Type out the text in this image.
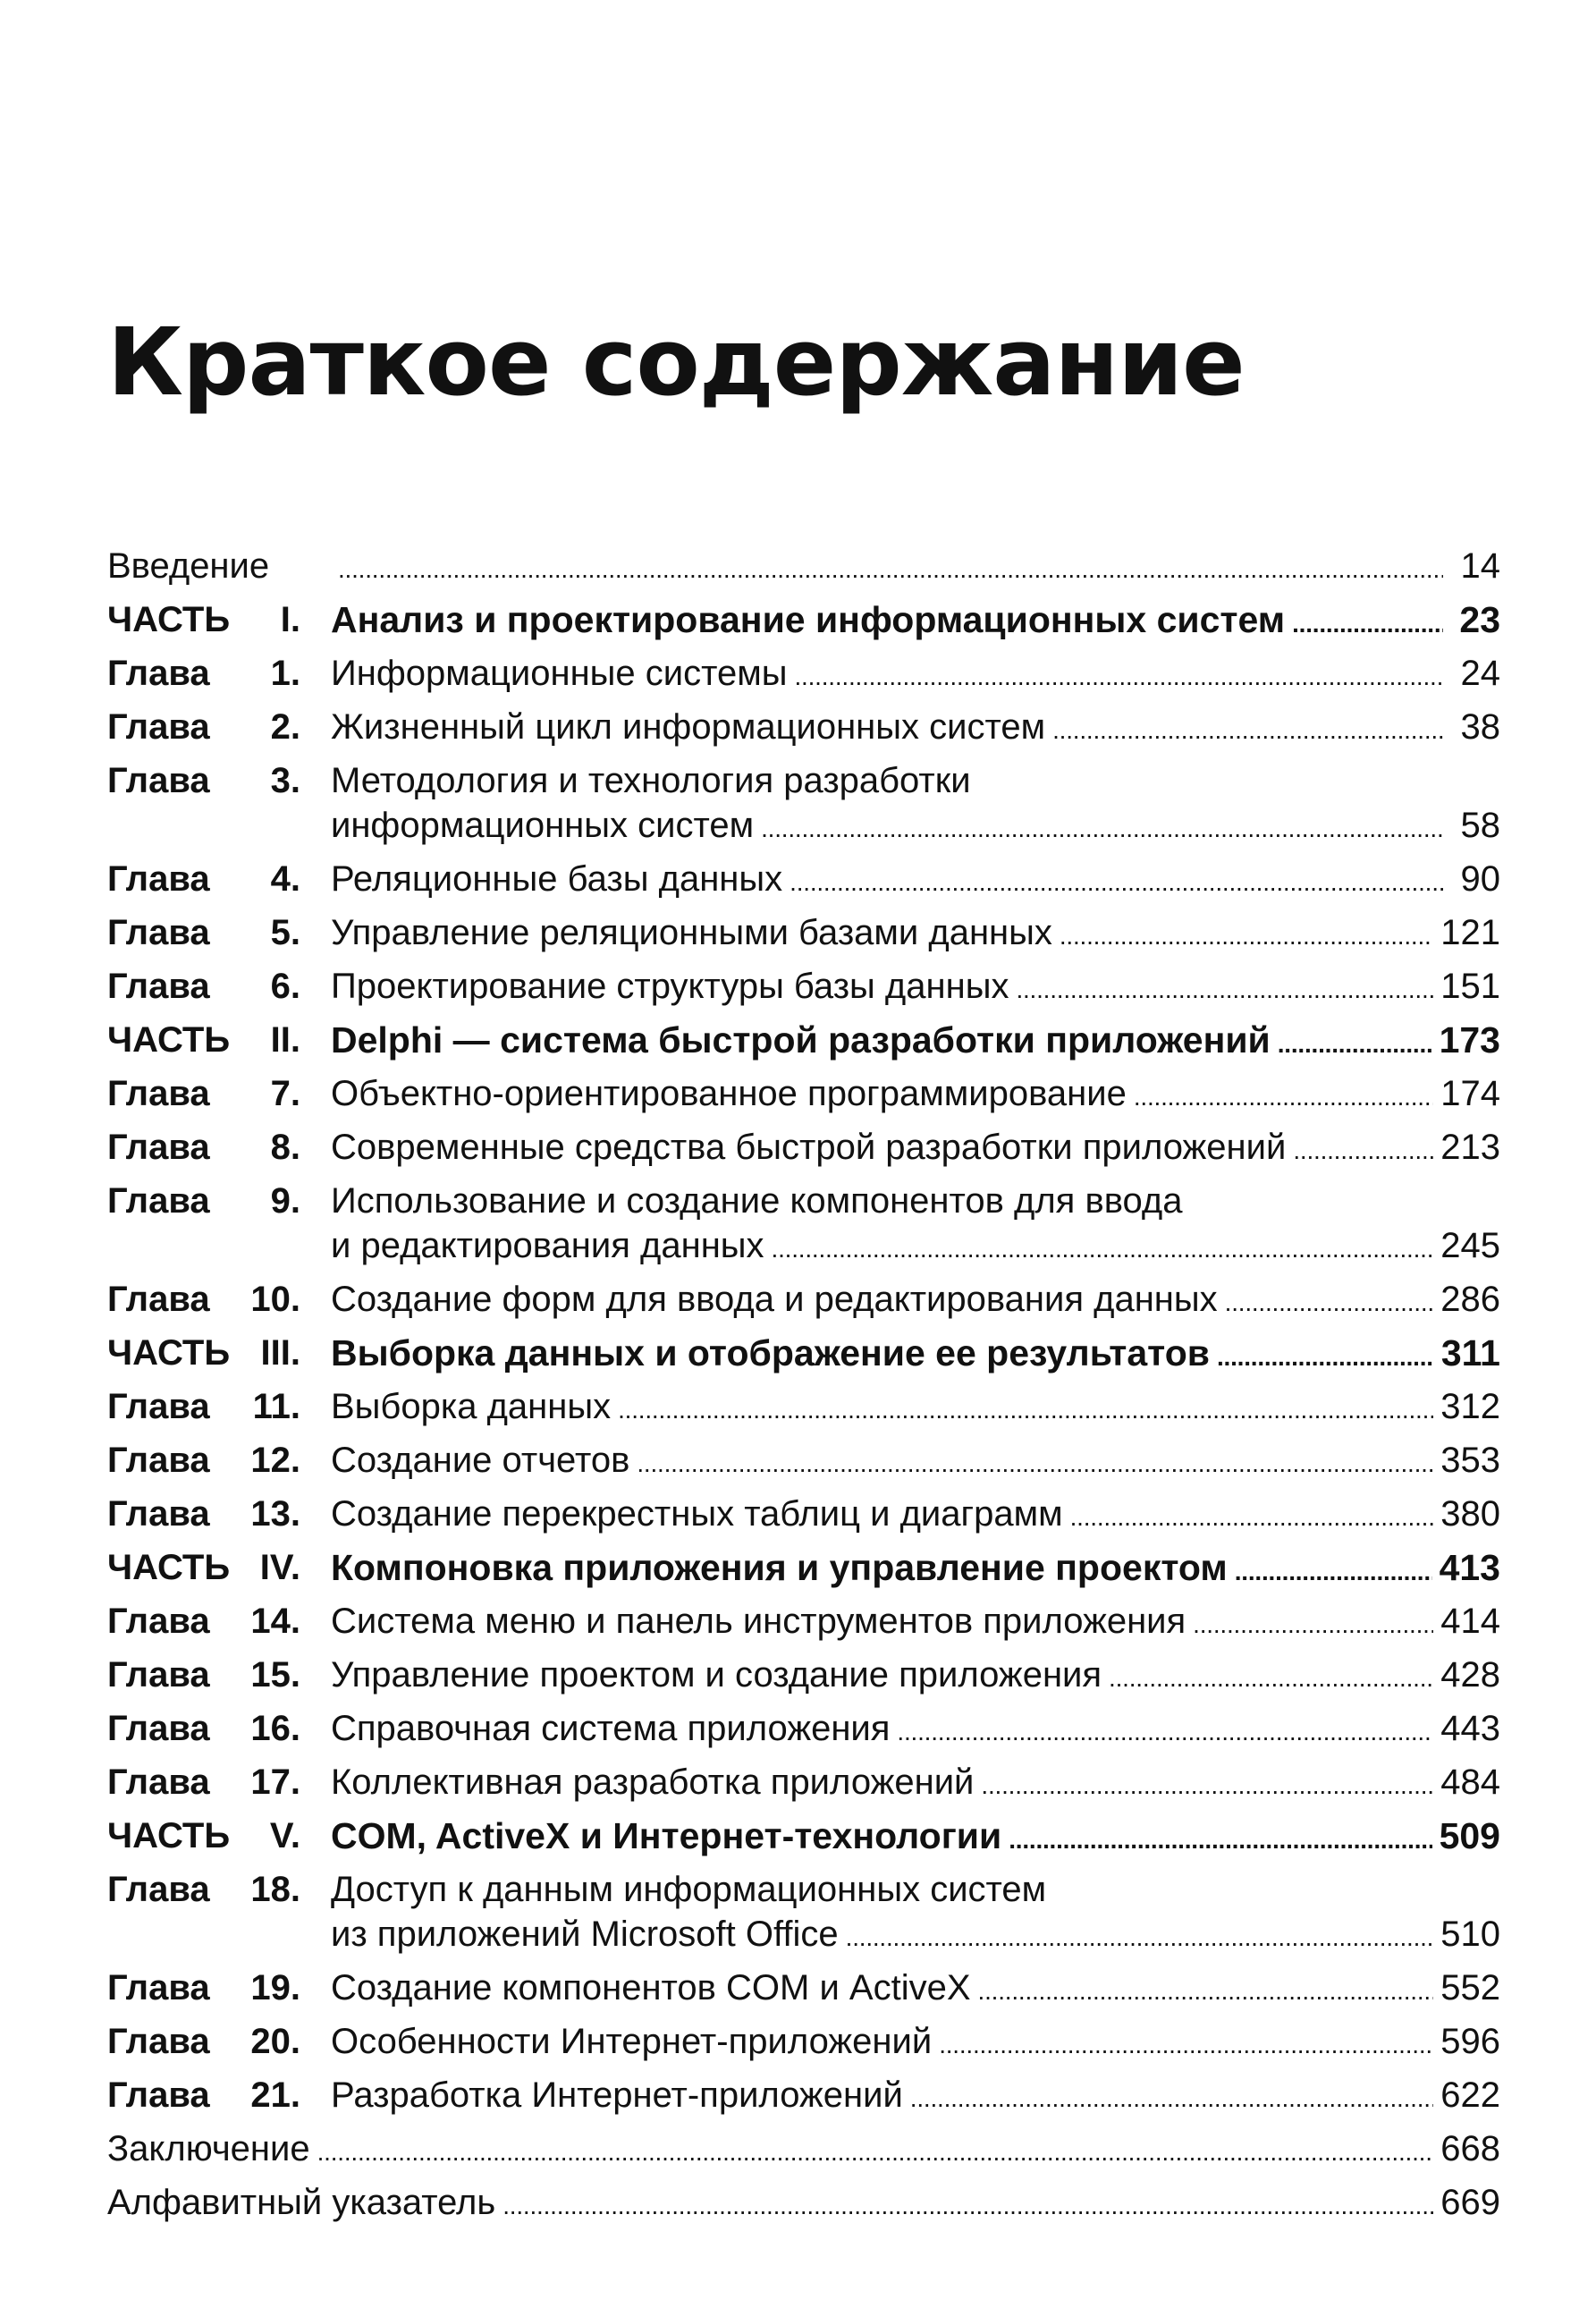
Краткое содержание
Введение . . .	14
ЧАСТЬ	I. Анализ и проектирование информационных систем . . .	23
Глава	1. Информационные системы . . .	24
Глава	2. Жизненный цикл информационных систем . . .	38
Глава	3. Методология и технология разработки
информационных систем . . .	58
Глава	4. Реляционные базы данных . . .	90
Глава	5. Управление реляционными базами данных . . .	121
Глава	6. Проектирование структуры базы данных . . .	151
ЧАСТЬ	II. Delphi — система быстрой разработки приложений . . .	173
Глава	7. Объектно-ориентированное программирование . . .	174
Глава	8. Современные средства быстрой разработки приложений . . .	213
Глава	9. Использование и создание компонентов для ввода
и редактирования данных . . .	245
Глава	10. Создание форм для ввода и редактирования данных . . .	286
ЧАСТЬ III. Выборка данных и отображение ее результатов . . .	311
Глава	11. Выборка данных . . .	312
Глава	12. Создание отчетов . . .	353
Глава	13. Создание перекрестных таблиц и диаграмм . . .	380
ЧАСТЬ IV. Компоновка приложения и управление проектом . . .	413
Глава	14. Система меню и панель инструментов приложения . . .	414
Глава	15. Управление проектом и создание приложения . . .	428
Глава	16. Справочная система приложения . . .	443
Глава	17. Коллективная разработка приложений . . .	484
ЧАСТЬ	V. COM, ActiveX и Интернет-технологии . . .	509
Глава	18. Доступ к данным информационных систем
из приложений Microsoft Office . . .	510
Глава	19. Создание компонентов COM и ActiveX . . .	552
Глава	20. Особенности Интернет-приложений . . .	596
Глава	21. Разработка Интернет-приложений . . .	622
Заключение . . .	668
Алфавитный указатель . . .	669
